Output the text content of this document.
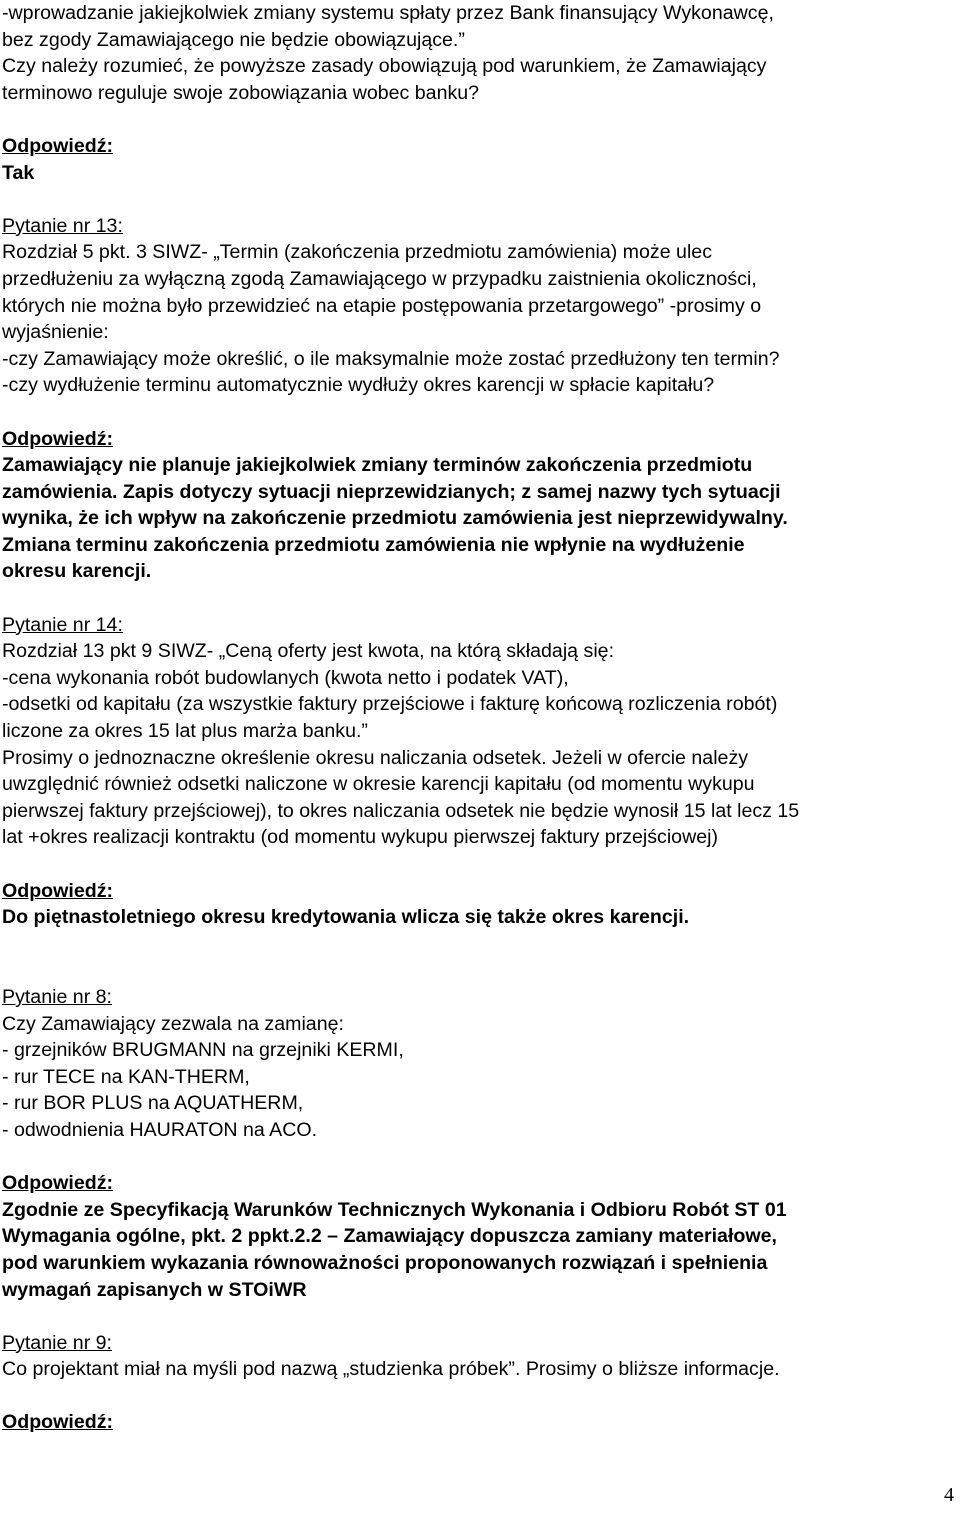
-wprowadzanie jakiejkolwiek zmiany systemu spłaty przez Bank finansujący Wykonawcę,
bez zgody Zamawiającego nie będzie obowiązujące.”
Czy należy rozumieć, że powyższe zasady obowiązują pod warunkiem, że Zamawiający
terminowo reguluje swoje zobowiązania wobec banku?
Odpowiedź:
Tak
Pytanie nr 13:
Rozdział 5 pkt. 3 SIWZ- „Termin (zakończenia przedmiotu zamówienia) może ulec
przedłużeniu za wyłączną zgodą Zamawiającego w przypadku zaistnienia okoliczności,
których nie można było przewidzieć na etapie postępowania przetargowego” -prosimy o
wyjaśnienie:
-czy Zamawiający może określić, o ile maksymalnie może zostać przedłużony ten termin?
-czy wydłużenie terminu automatycznie wydłuży okres karencji w spłacie kapitału?
Odpowiedź:
Zamawiający nie planuje jakiejkolwiek zmiany terminów zakończenia przedmiotu
zamówienia. Zapis dotyczy sytuacji nieprzewidzianych; z samej nazwy tych sytuacji
wynika, że ich wpływ na zakończenie przedmiotu zamówienia jest nieprzewidywalny.
Zmiana terminu zakończenia przedmiotu zamówienia nie wpłynie na wydłużenie
okresu karencji.
Pytanie nr 14:
Rozdział 13 pkt 9 SIWZ- „Ceną oferty jest kwota, na którą składają się:
-cena wykonania robót budowlanych (kwota netto i podatek VAT),
-odsetki od kapitału (za wszystkie faktury przejściowe i fakturę końcową rozliczenia robót)
liczone za okres 15 lat plus marża banku.”
Prosimy o jednoznaczne określenie okresu naliczania odsetek. Jeżeli w ofercie należy
uwzględnić również odsetki naliczone w okresie karencji kapitału (od momentu wykupu
pierwszej faktury przejściowej), to okres naliczania odsetek nie będzie wynosił 15 lat lecz 15
lat +okres realizacji kontraktu (od momentu wykupu pierwszej faktury przejściowej)
Odpowiedź:
Do piętnastoletniego okresu kredytowania wlicza się także okres karencji.
Pytanie nr 8:
Czy Zamawiający zezwala na zamianę:
- grzejników BRUGMANN na grzejniki KERMI,
- rur TECE na KAN-THERM,
- rur BOR PLUS na AQUATHERM,
- odwodnienia HAURATON na ACO.
Odpowiedź:
Zgodnie ze Specyfikacją Warunków Technicznych Wykonania i Odbioru Robót ST 01
Wymagania ogólne, pkt. 2 ppkt.2.2 – Zamawiający dopuszcza zamiany materiałowe,
pod warunkiem wykazania równoważności proponowanych rozwiązań i spełnienia
wymagań zapisanych w STOiWR
Pytanie nr 9:
Co projektant miał na myśli pod nazwą „studzienka próbek”. Prosimy o bliższe informacje.
Odpowiedź:
4
